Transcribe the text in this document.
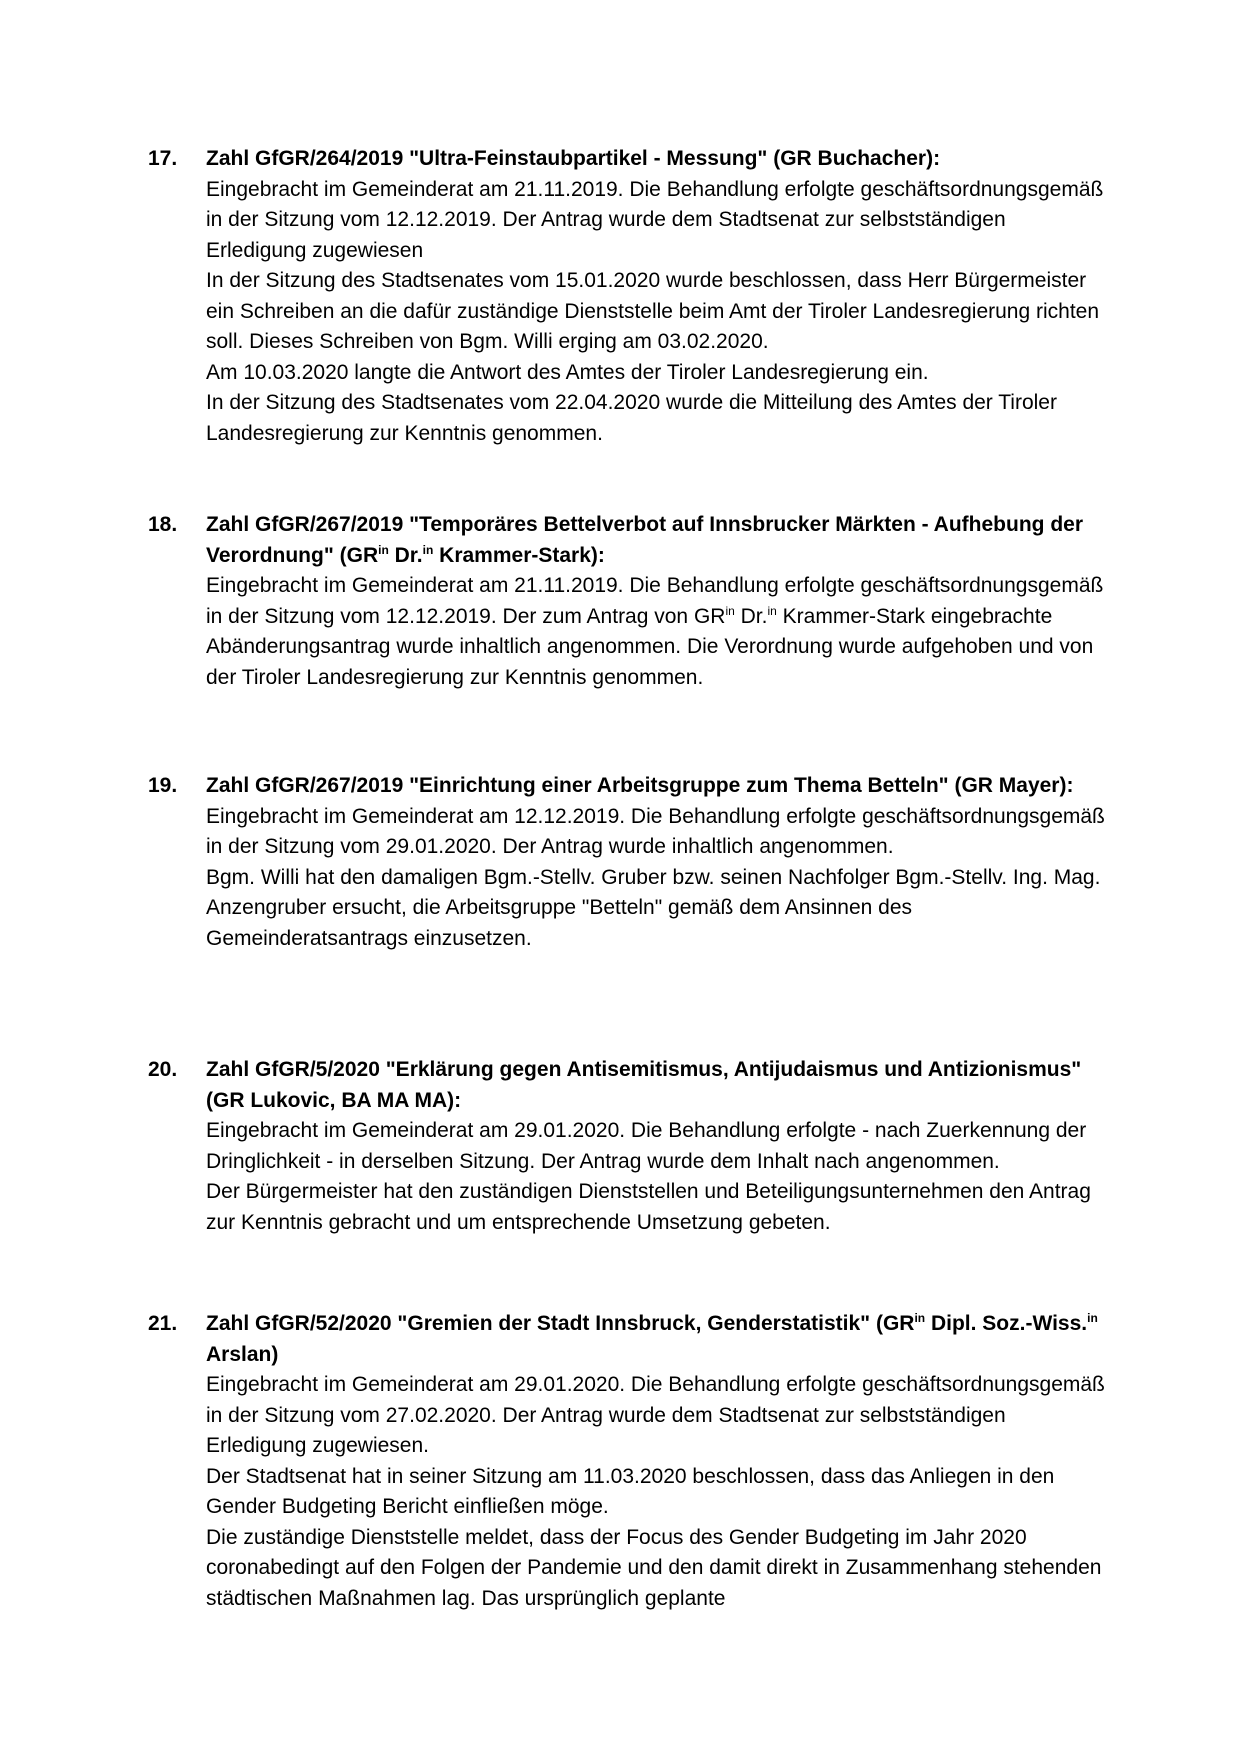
17.	Zahl GfGR/264/2019 "Ultra-Feinstaubpartikel - Messung" (GR Buchacher):

Eingebracht im Gemeinderat am 21.11.2019. Die Behandlung erfolgte geschäftsordnungsgemäß in der Sitzung vom 12.12.2019. Der Antrag wurde dem Stadtsenat zur selbstständigen Erledigung zugewiesen

In der Sitzung des Stadtsenates vom 15.01.2020 wurde beschlossen, dass Herr Bürgermeister ein Schreiben an die dafür zuständige Dienststelle beim Amt der Tiroler Landesregierung richten soll. Dieses Schreiben von Bgm. Willi erging am 03.02.2020.

Am 10.03.2020 langte die Antwort des Amtes der Tiroler Landesregierung ein.

In der Sitzung des Stadtsenates vom 22.04.2020 wurde die Mitteilung des Amtes der Tiroler Landesregierung zur Kenntnis genommen.

18.	Zahl GfGR/267/2019 "Temporäres Bettelverbot auf Innsbrucker Märkten - Aufhebung der Verordnung" ($GR^{in}$ Dr.$^{in}$ Krammer-Stark):

Eingebracht im Gemeinderat am 21.11.2019. Die Behandlung erfolgte geschäftsordnungsgemäß in der Sitzung vom 12.12.2019. Der zum Antrag von $GR^{in}$ Dr.$^{in}$ Krammer-Stark eingebrachte Abänderungsantrag wurde inhaltlich angenommen. Die Verordnung wurde aufgehoben und von der Tiroler Landesregierung zur Kenntnis genommen.

19.	Zahl GfGR/267/2019 "Einrichtung einer Arbeitsgruppe zum Thema Betteln" (GR Mayer):

Eingebracht im Gemeinderat am 12.12.2019. Die Behandlung erfolgte geschäftsordnungsgemäß in der Sitzung vom 29.01.2020. Der Antrag wurde inhaltlich angenommen.

Bgm. Willi hat den damaligen Bgm.-Stellv. Gruber bzw. seinen Nachfolger Bgm.-Stellv. Ing. Mag. Anzengruber ersucht, die Arbeitsgruppe "Betteln" gemäß dem Ansinnen des Gemeinderatsantrags einzusetzen.

20.	Zahl GfGR/5/2020 "Erklärung gegen Antisemitismus, Antijudaismus und Antizionismus" (GR Lukovic, BA MA MA):

Eingebracht im Gemeinderat am 29.01.2020. Die Behandlung erfolgte - nach Zuerkennung der Dringlichkeit - in derselben Sitzung. Der Antrag wurde dem Inhalt nach angenommen.

Der Bürgermeister hat den zuständigen Dienststellen und Beteiligungsunternehmen den Antrag zur Kenntnis gebracht und um entsprechende Umsetzung gebeten.

21.	Zahl GfGR/52/2020 "Gremien der Stadt Innsbruck, Genderstatistik" ($GR^{in}$ Dipl. Soz.-Wiss.$^{in}$ Arslan)

Eingebracht im Gemeinderat am 29.01.2020. Die Behandlung erfolgte geschäftsordnungsgemäß in der Sitzung vom 27.02.2020. Der Antrag wurde dem Stadtsenat zur selbstständigen Erledigung zugewiesen.

Der Stadtsenat hat in seiner Sitzung am 11.03.2020 beschlossen, dass das Anliegen in den Gender Budgeting Bericht einfließen möge.

Die zuständige Dienststelle meldet, dass der Focus des Gender Budgeting im Jahr 2020 coronabedingt auf den Folgen der Pandemie und den damit direkt in Zusammenhang stehenden städtischen Maßnahmen lag. Das ursprünglich geplante
